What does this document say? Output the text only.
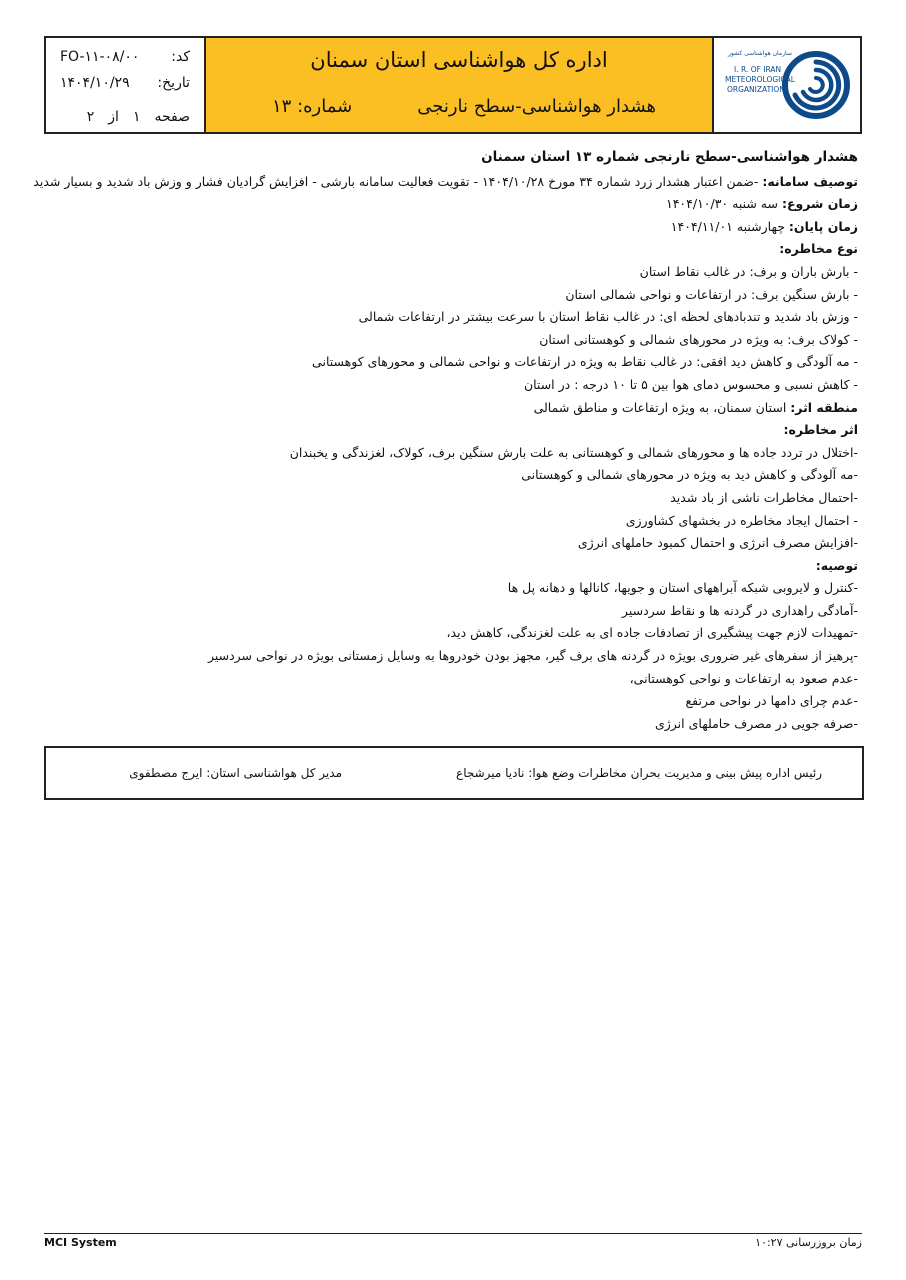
کد:
FO-۱۱-۰۸/۰۰
تاریخ:
۱۴۰۴/۱۰/۲۹
صفحه
۱
از
۲
اداره کل هواشناسی استان سمنان
هشدار هواشناسی-سطح نارنجی
شماره: ۱۳
سازمان هواشناسی کشور
I. R. OF IRAN
METEOROLOGICAL
ORGANIZATION

هشدار هواشناسی-سطح نارنجی شماره ۱۳ استان سمنان

توصیف سامانه: -ضمن اعتبار هشدار زرد شماره ۳۴ مورخ ۱۴۰۴/۱۰/۲۸ - تقویت فعالیت سامانه بارشی - افزایش گرادیان فشار و وزش باد شدید و بسیار شدید

زمان شروع: سه شنبه ۱۴۰۴/۱۰/۳۰

زمان پایان: چهارشنبه ۱۴۰۴/۱۱/۰۱

نوع مخاطره:

- بارش باران و برف: در غالب نقاط استان

- بارش سنگین برف: در ارتفاعات و نواحی شمالی استان

- وزش باد شدید و تندبادهای لحظه ای: در غالب نقاط استان با سرعت بیشتر در ارتفاعات شمالی

- کولاک برف: به ویژه در محورهای شمالی و کوهستانی استان

- مه آلودگی و کاهش دید افقی: در غالب نقاط به ویژه در ارتفاعات و نواحی شمالی و محورهای کوهستانی

- کاهش نسبی و محسوس دمای هوا بین ۵ تا ۱۰ درجه : در استان

منطقه اثر: استان سمنان، به ویژه ارتفاعات و مناطق شمالی

اثر مخاطره:

-اختلال در تردد جاده ها و محورهای شمالی و کوهستانی به علت بارش سنگین برف، کولاک، لغزندگی و یخبندان

-مه آلودگی و کاهش دید به ویژه در محورهای شمالی و کوهستانی

-احتمال مخاطرات ناشی از باد شدید

- احتمال ایجاد مخاطره در بخشهای کشاورزی

-افزایش مصرف انرژی و احتمال کمبود حاملهای انرژی

توصیه:

-کنترل و لایروبی شبکه آبراههای استان و جویها، کانالها و دهانه پل ها

-آمادگی راهداری در گردنه ها و نقاط سردسیر

-تمهیدات لازم جهت پیشگیری از تصادفات جاده ای به علت لغزندگی، کاهش دید،

-پرهیز از سفرهای غیر ضروری بویژه در گردنه های برف گیر، مجهز بودن خودروها به وسایل زمستانی بویژه در نواحی سردسیر

-عدم صعود به ارتفاعات و نواحی کوهستانی،

-عدم چرای دامها در نواحی مرتفع

-صرفه جویی در مصرف حاملهای انرژی

رئیس اداره پیش بینی و مدیریت بحران مخاطرات وضع هوا: نادیا میرشجاع
مدیر کل هواشناسی استان: ایرج مصطفوی
MCI System	زمان بروزرسانی ۱۰:۲۷
